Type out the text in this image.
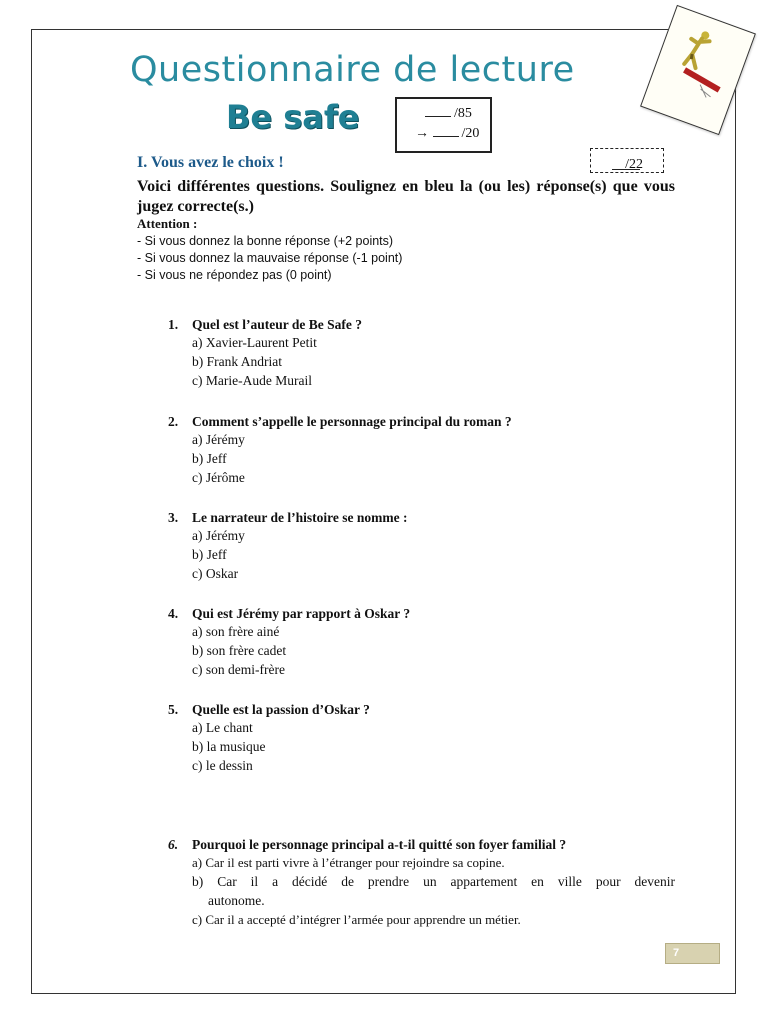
Questionnaire de lecture
Be safe	/85
→ /20
I. Vous avez le choix !	/22
Voici différentes questions. Soulignez en bleu la (ou les) réponse(s) que vous jugez correcte(s.)
Attention :
- Si vous donnez la bonne réponse (+2 points)
- Si vous donnez la mauvaise réponse (-1 point)
- Si vous ne répondez pas (0 point)
1. Quel est l’auteur de Be Safe ?
a) Xavier-Laurent Petit
b) Frank Andriat
c) Marie-Aude Murail
2. Comment s’appelle le personnage principal du roman ?
a) Jérémy
b) Jeff
c) Jérôme
3. Le narrateur de l’histoire se nomme :
a) Jérémy
b) Jeff
c) Oskar
4. Qui est Jérémy par rapport à Oskar ?
a) son frère ainé
b) son frère cadet
c) son demi-frère
5. Quelle est la passion d’Oskar ?
a) Le chant
b) la musique
c) le dessin
6. Pourquoi le personnage principal a-t-il quitté son foyer familial ?
a) Car il est parti vivre à l’étranger pour rejoindre sa copine.
b) Car il a décidé de prendre un appartement en ville pour devenir
autonome.
c) Car il a accepté d’intégrer l’armée pour apprendre un métier.
7
